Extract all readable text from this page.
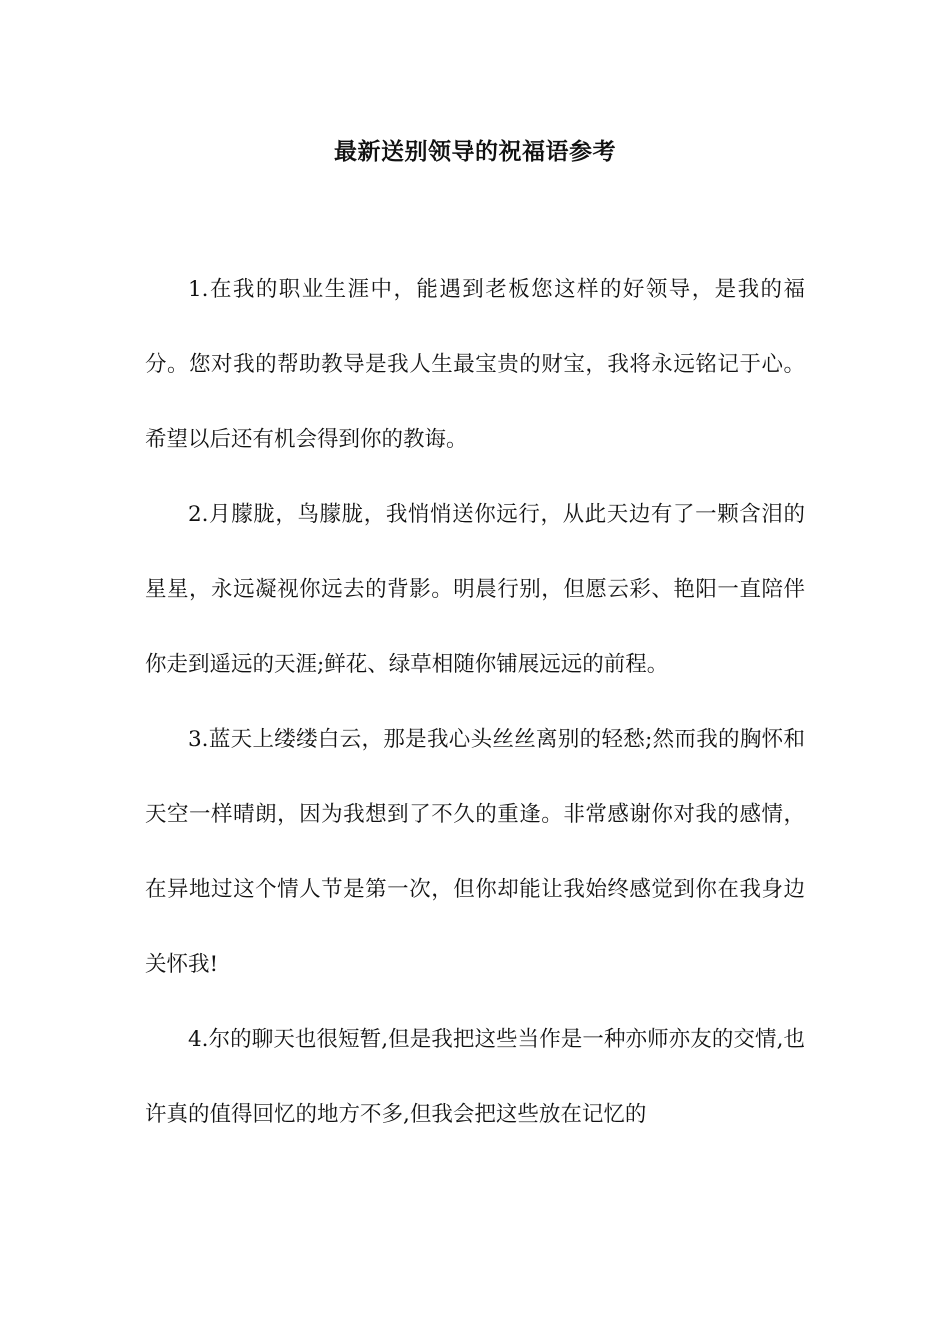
最新送别领导的祝福语参考

1.在我的职业生涯中，能遇到老板您这样的好领导，是我的福分。您对我的帮助教导是我人生最宝贵的财宝，我将永远铭记于心。希望以后还有机会得到你的教诲。

2.月朦胧，鸟朦胧，我悄悄送你远行，从此天边有了一颗含泪的星星，永远凝视你远去的背影。明晨行别，但愿云彩、艳阳一直陪伴你走到遥远的天涯;鲜花、绿草相随你铺展远远的前程。

3.蓝天上缕缕白云，那是我心头丝丝离别的轻愁;然而我的胸怀和天空一样晴朗，因为我想到了不久的重逢。非常感谢你对我的感情，在异地过这个情人节是第一次，但你却能让我始终感觉到你在我身边关怀我!

4.尔的聊天也很短暂,但是我把这些当作是一种亦师亦友的交情,也许真的值得回忆的地方不多,但我会把这些放在记忆的
